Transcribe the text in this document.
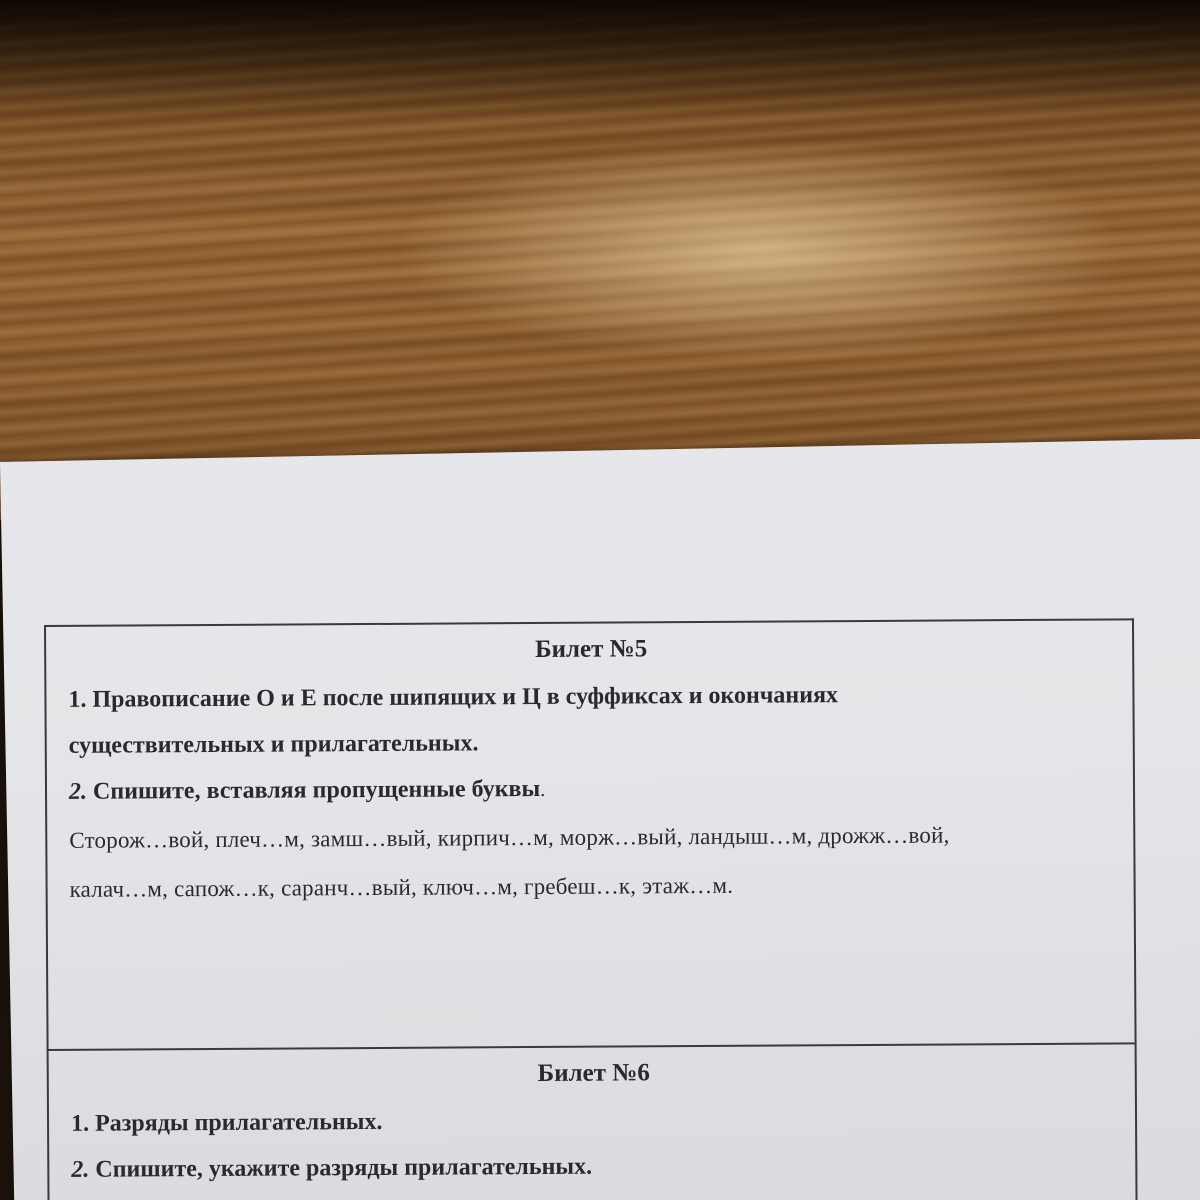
Билет №5

1. Правописание О и Е после шипящих и Ц в суффиксах и окончаниях

существительных и прилагательных.

2. Спишите, вставляя пропущенные буквы.

Сторож…вой, плеч…м, замш…вый, кирпич…м, морж…вый, ландыш…м, дрожж…вой,

калач…м, сапож…к, саранч…вый, ключ…м, гребеш…к, этаж…м.

Билет №6

1. Разряды прилагательных.

2. Спишите, укажите разряды прилагательных.
